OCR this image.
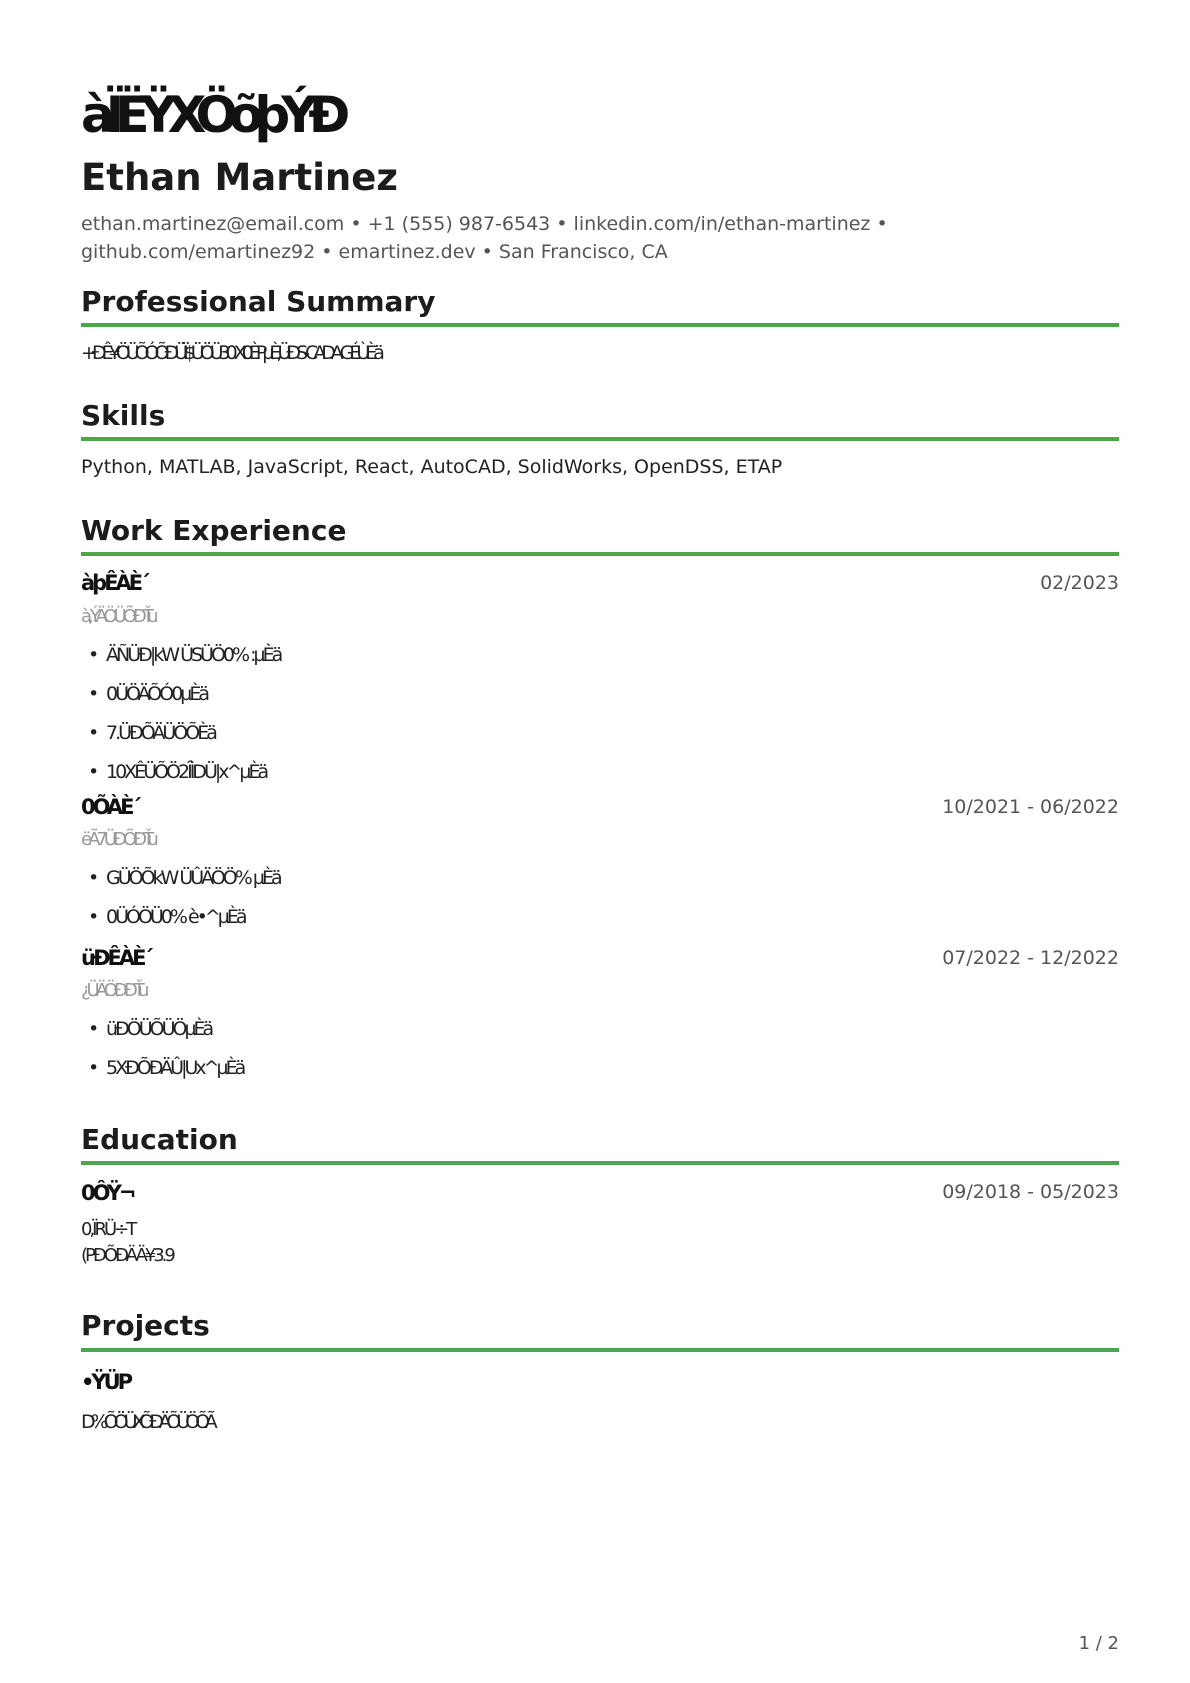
àÏËŸXÖõþÝÐ
Ethan Martinez
ethan.martinez@email.com • +1 (555) 987-6543 • linkedin.com/in/ethan-martinez • github.com/emartinez92 • emartinez.dev • San Francisco, CA
Professional Summary
+ÐÊ¥ÖÜÕÓÕÐÜÏ$ÜÖÜ30 X0ÈPµÈ,ÜÐS-CADA GÉÙÈ ä
Skills
Python, MATLAB, JavaScript, React, AutoCAD, SolidWorks, OpenDSS, ETAP
Work Experience
àþÊÀÈ´	02/2023
à,ÝÄÖÜÕÐŤu
• ÄÑÜÐ|kW ÜSÜÖ0% :µÈä
• 0ÜÖÄÕÓ0µÈä
• 7.ÜÐÕÄÜÖÕÈä
• 10XÊÜÕÖ2ÎÌDÜ|x^µÈä
0ÕÀÈ´	10/2021 - 06/2022
ëÃ7ÜÐÕÐŤu
• GÜÖÕkW ÜÛÄÖÖ% µÈä
• 0ÜÓÖÜ0% è•^µÈä
üÐÊÀÈ´	07/2022 - 12/2022
¿ÜÄÖÐÐŤu
• üÐÖÜÕÜÖµÈä
• 5XÐÕÐÄÛ|Ux^µÈä
Education
0ÔŸ¬	09/2018 - 05/2023
0,ÏRÜ÷T
(PÐÕÐÄÄ¥3.9
Projects
•ŸÜP
D%ÕÖÜXÕÐÄÕÜÖÕÃ
1 / 2
